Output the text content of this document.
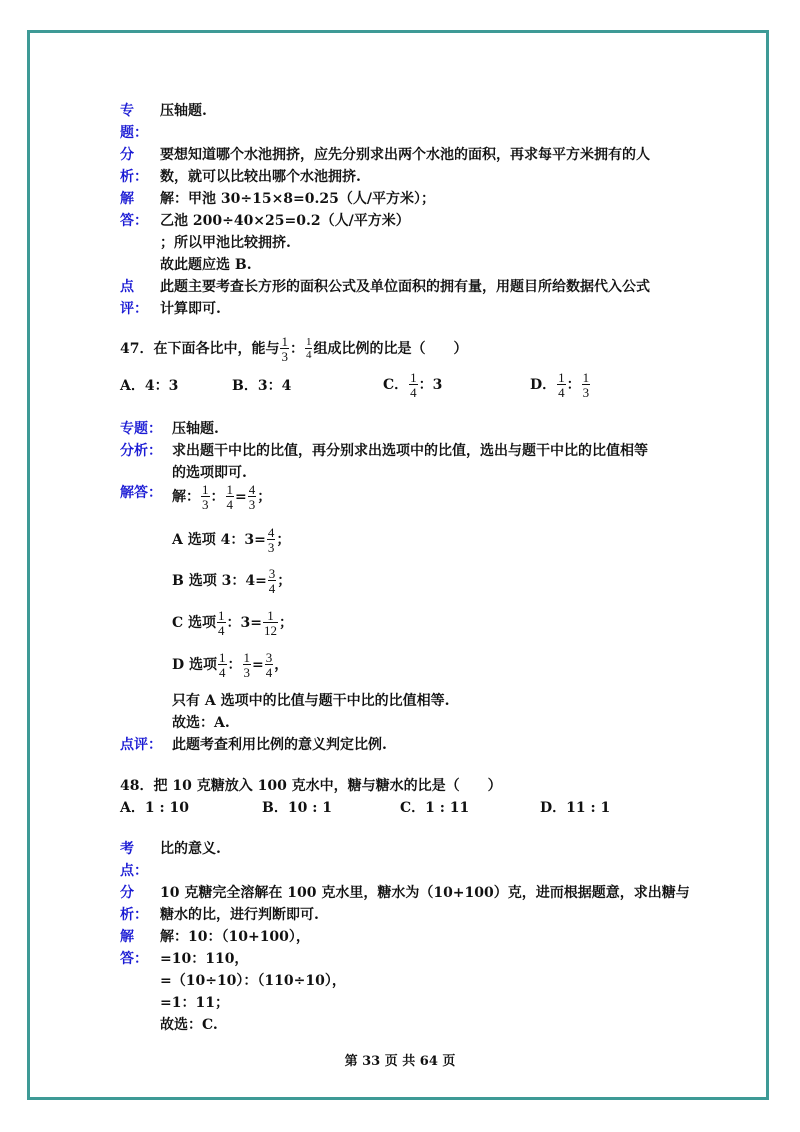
专 压轴题.
题：
分 要想知道哪个水池拥挤，应先分别求出两个水池的面积，再求每平方米拥有的人
析： 数，就可以比较出哪个水池拥挤.
解 解：甲池 30÷15×8=0.25（人/平方米）；
答： 乙池 200÷40×25=0.2（人/平方米）
；所以甲池比较拥挤.
故此题应选 B.
点 此题主要考查长方形的面积公式及单位面积的拥有量，用题目所给数据代入公式
评： 计算即可.
47．在下面各比中，能与 $\frac{1}{3}$ ： $\frac{1}{4}$ 组成比例的比是（　　）
A．4：3	B．3：4	C． $\frac{1}{4}$ ：3	D． $\frac{1}{4}$ ： $\frac{1}{3}$
专题： 压轴题.
分析： 求出题干中比的比值，再分别求出选项中的比值，选出与题干中比的比值相等
的选项即可.
解答： 解： $\frac{1}{3}$ ： $\frac{1}{4} = \frac{4}{3}$ ；
A 选项 4：$3= \frac{4}{3}$ ；
B 选项 3：$4= \frac{3}{4}$ ；
C 选项 $\frac{1}{4}$ ：$3= \frac{1}{12}$ ；
D 选项 $\frac{1}{4}$ ： $\frac{1}{3} = \frac{3}{4}$ ，
只有 A 选项中的比值与题干中比的比值相等.
故选：A.
点评： 此题考查利用比例的意义判定比例.
48．把 10 克糖放入 100 克水中，糖与糖水的比是（　　）
A．1 : 10	B．10 : 1	C．1 : 11	D．11 : 1
考 比的意义.
点：
分 10 克糖完全溶解在 100 克水里，糖水为（10+100）克，进而根据题意，求出糖与
析： 糖水的比，进行判断即可.
解 解：10：（10+100），
答： =10：110，
=（10÷10）：（110÷10），
=1：11；
故选：C.
第 33 页 共 64 页
